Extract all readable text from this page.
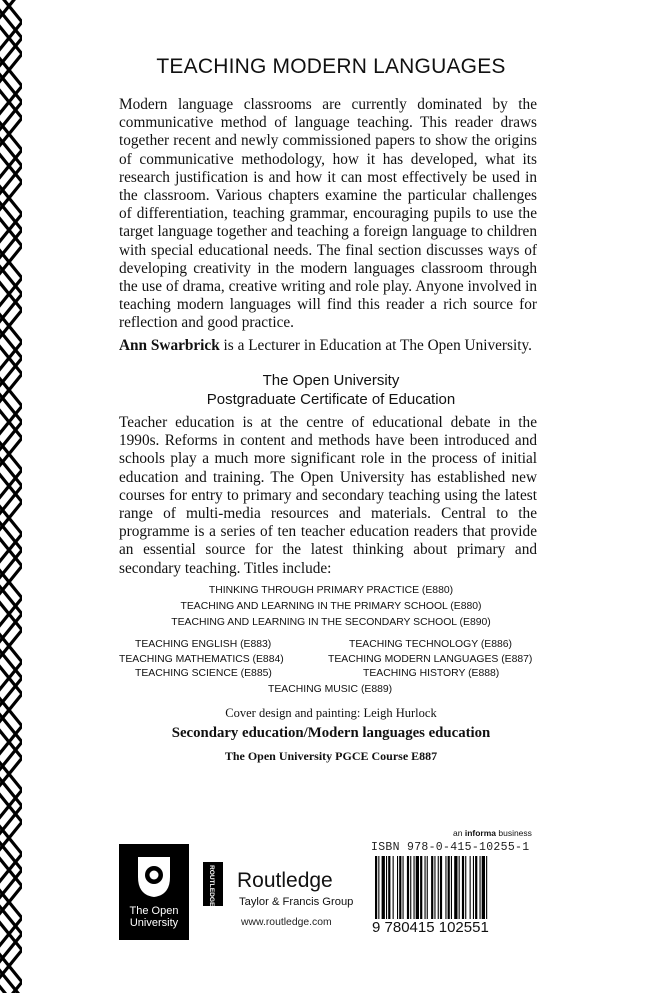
TEACHING MODERN LANGUAGES

Modern language classrooms are currently dominated by the communicative method of language teaching. This reader draws together recent and newly commissioned papers to show the origins of communicative methodology, how it has developed, what its research justification is and how it can most effectively be used in the classroom. Various chapters examine the particular challenges of differentiation, teaching grammar, encouraging pupils to use the target language together and teaching a foreign language to children with special educational needs. The final section discusses ways of developing creativity in the modern languages classroom through the use of drama, creative writing and role play. Anyone involved in teaching modern languages will find this reader a rich source for reflection and good practice.

Ann Swarbrick is a Lecturer in Education at The Open University.
The Open University
Postgraduate Certificate of Education

Teacher education is at the centre of educational debate in the 1990s. Reforms in content and methods have been introduced and schools play a much more significant role in the process of initial education and training. The Open University has established new courses for entry to primary and secondary teaching using the latest range of multi-media resources and materials. Central to the programme is a series of ten teacher education readers that provide an essential source for the latest thinking about primary and secondary teaching. Titles include:

THINKING THROUGH PRIMARY PRACTICE (E880)
TEACHING AND LEARNING IN THE PRIMARY SCHOOL (E880)
TEACHING AND LEARNING IN THE SECONDARY SCHOOL (E890)
TEACHING ENGLISH (E883)	TEACHING TECHNOLOGY (E886)
TEACHING MATHEMATICS (E884)	TEACHING MODERN LANGUAGES (E887)
TEACHING SCIENCE (E885)	TEACHING HISTORY (E888)
TEACHING MUSIC (E889)
Cover design and painting: Leigh Hurlock
Secondary education/Modern languages education
The Open University PGCE Course E887
The Open
University
ROUTLEDGE Routledge
Taylor & Francis Group
www.routledge.com
an informa business
ISBN 978-0-415-10255-1
9 780415 102551
